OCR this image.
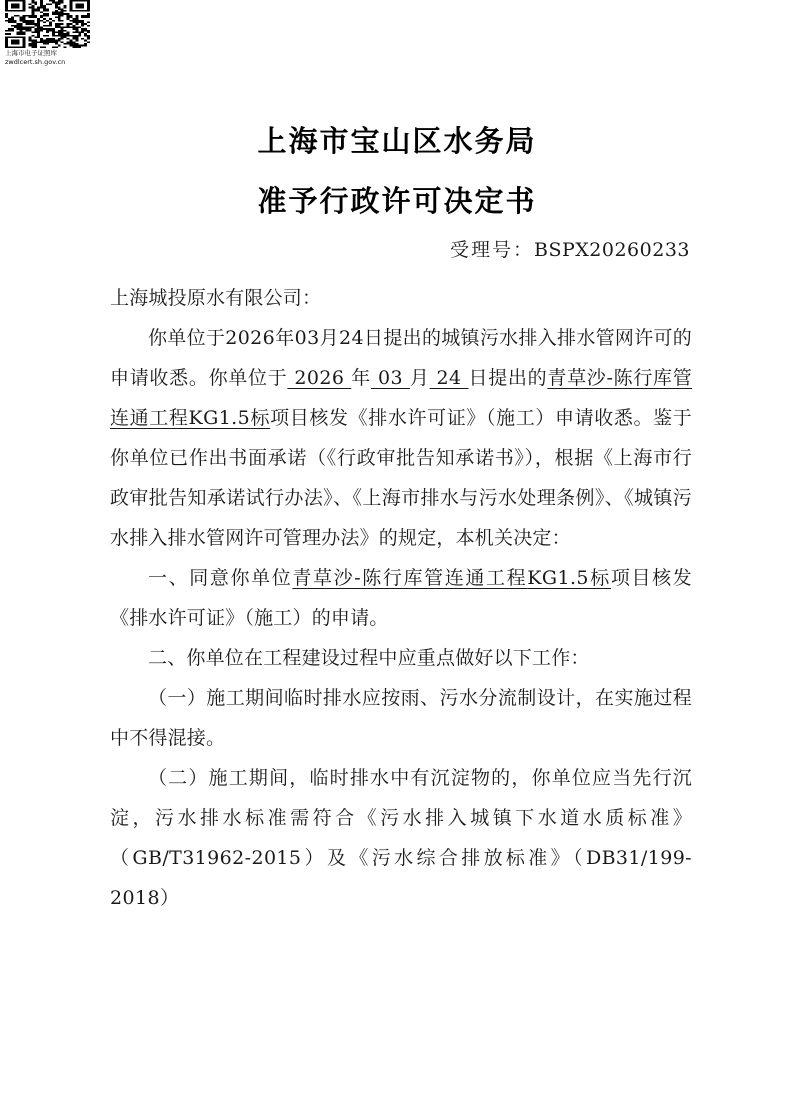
上海市电子证照库
zwdlcert.sh.gov.cn
上海市宝山区水务局
准予行政许可决定书
受理号：BSPX20260233

上海城投原水有限公司：

你单位于2026年03月24日提出的城镇污水排入排水管网许可的申请收悉。你单位于 2026 年 03 月 24 日提出的青草沙-陈行库管连通工程KG1.5标项目核发《排水许可证》（施工）申请收悉。鉴于你单位已作出书面承诺（《行政审批告知承诺书》），根据《上海市行政审批告知承诺试行办法》、《上海市排水与污水处理条例》、《城镇污水排入排水管网许可管理办法》的规定，本机关决定：

一、同意你单位青草沙-陈行库管连通工程KG1.5标项目核发《排水许可证》（施工）的申请。

二、你单位在工程建设过程中应重点做好以下工作：

（一）施工期间临时排水应按雨、污水分流制设计，在实施过程中不得混接。

（二）施工期间，临时排水中有沉淀物的，你单位应当先行沉淀，污水排水标准需符合《污水排入城镇下水道水质标准》（GB/T31962-2015）及《污水综合排放标准》（DB31/199-2018）
